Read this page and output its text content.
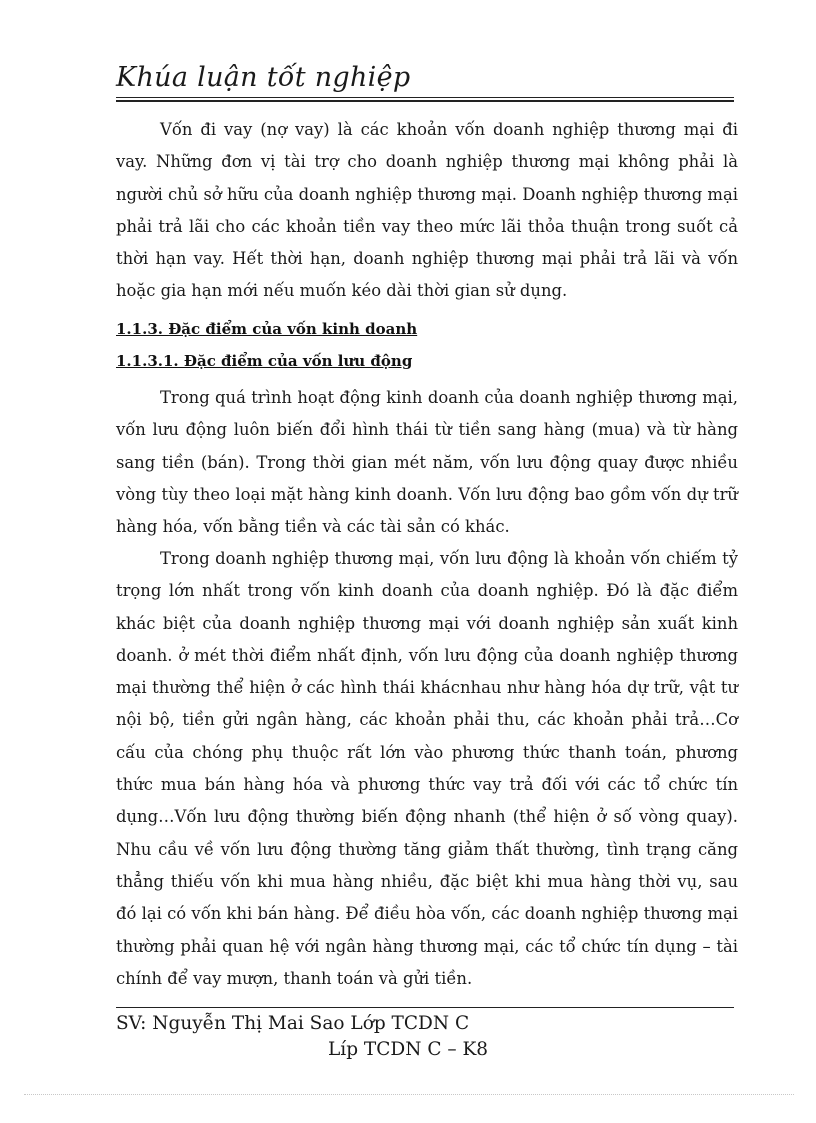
Khúa luận tốt nghiệp

Vốn đi vay (nợ vay) là các khoản vốn doanh nghiệp thương mại đi vay. Những đơn vị tài trợ cho doanh nghiệp thương mại không phải là người chủ sở hữu của doanh nghiệp thương mại. Doanh nghiệp thương mại phải trả lãi cho các khoản tiền vay theo mức lãi thỏa thuận trong suốt cả thời hạn vay. Hết thời hạn, doanh nghiệp thương mại phải trả lãi và vốn hoặc gia hạn mới nếu muốn kéo dài thời gian sử dụng.

1.1.3. Đặc điểm của vốn kinh doanh
1.1.3.1. Đặc điểm của vốn lưu động

Trong quá trình hoạt động kinh doanh của doanh nghiệp thương mại, vốn lưu động luôn biến đổi hình thái từ tiền sang hàng (mua) và từ hàng sang tiền (bán). Trong thời gian mét năm, vốn lưu động quay được nhiều vòng tùy theo loại mặt hàng kinh doanh. Vốn lưu động bao gồm vốn dự trữ hàng hóa, vốn bằng tiền và các tài sản có khác.

Trong doanh nghiệp thương mại, vốn lưu động là khoản vốn chiếm tỷ trọng lớn nhất trong vốn kinh doanh của doanh nghiệp. Đó là đặc điểm khác biệt của doanh nghiệp thương mại với doanh nghiệp sản xuất kinh doanh. ở mét thời điểm nhất định, vốn lưu động của doanh nghiệp thương mại thường thể hiện ở các hình thái khácnhau như hàng hóa dự trữ, vật tư nội bộ, tiền gửi ngân hàng, các khoản phải thu, các khoản phải trả…Cơ cấu của chóng phụ thuộc rất lớn vào phương thức thanh toán, phương thức mua bán hàng hóa và phương thức vay trả đối với các tổ chức tín dụng…Vốn lưu động thường biến động nhanh (thể hiện ở số vòng quay). Nhu cầu về vốn lưu động thường tăng giảm thất thường, tình trạng căng thẳng thiếu vốn khi mua hàng nhiều, đặc biệt khi mua hàng thời vụ, sau đó lại có vốn khi bán hàng. Để điều hòa vốn, các doanh nghiệp thương mại thường phải quan hệ với ngân hàng thương mại, các tổ chức tín dụng – tài chính để vay mượn, thanh toán và gửi tiền.

SV: Nguyễn Thị Mai Sao Lớp TCDN C
Líp TCDN C – K8
